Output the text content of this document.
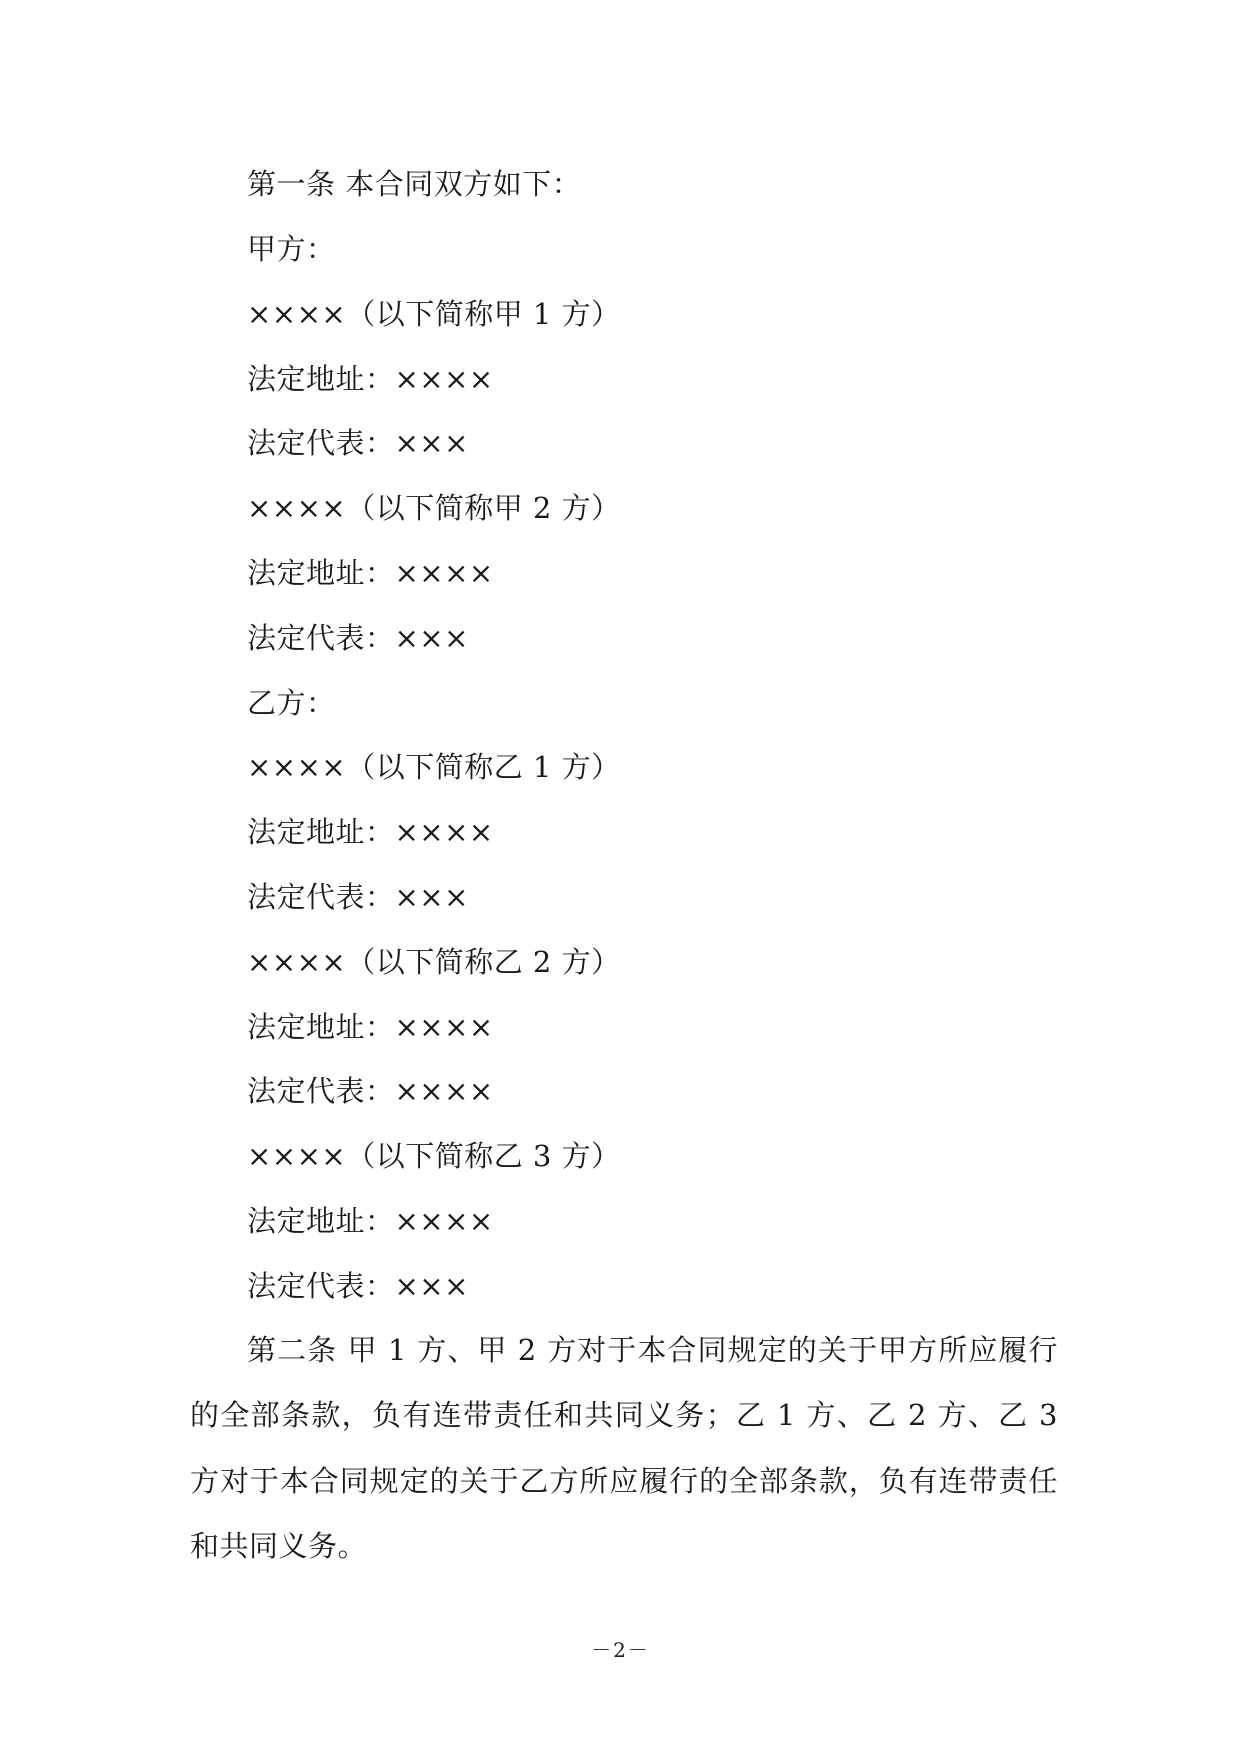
第一条 本合同双方如下：
甲方：
××××（以下简称甲 1 方）
法定地址：××××
法定代表：×××
××××（以下简称甲 2 方）
法定地址：××××
法定代表：×××
乙方：
××××（以下简称乙 1 方）
法定地址：××××
法定代表：×××
××××（以下简称乙 2 方）
法定地址：××××
法定代表：××××
××××（以下简称乙 3 方）
法定地址：××××
法定代表：×××
第二条 甲 1 方、甲 2 方对于本合同规定的关于甲方所应履行的全部条款，负有连带责任和共同义务；乙 1 方、乙 2 方、乙 3 方对于本合同规定的关于乙方所应履行的全部条款，负有连带责任和共同义务。
－2－
